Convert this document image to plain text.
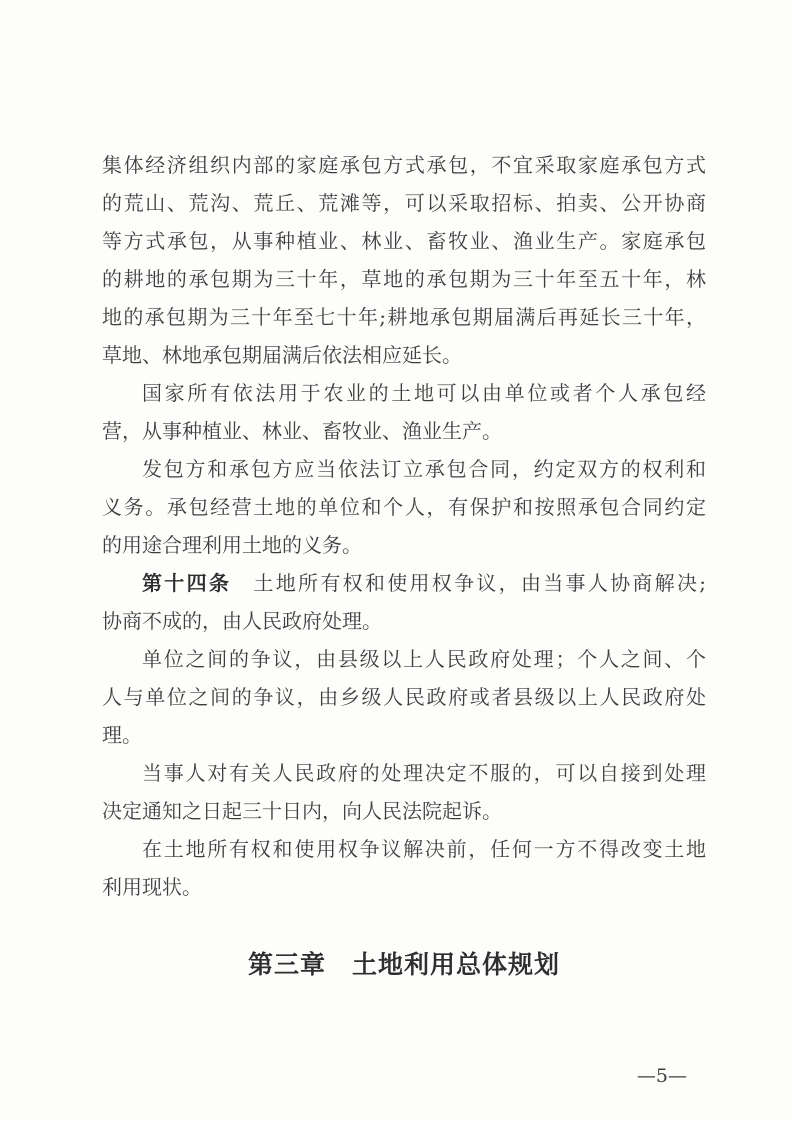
集体经济组织内部的家庭承包方式承包，不宜采取家庭承包方式
的荒山、荒沟、荒丘、荒滩等，可以采取招标、拍卖、公开协商
等方式承包，从事种植业、林业、畜牧业、渔业生产。家庭承包
的耕地的承包期为三十年，草地的承包期为三十年至五十年，林
地的承包期为三十年至七十年;耕地承包期届满后再延长三十年，
草地、林地承包期届满后依法相应延长。
国家所有依法用于农业的土地可以由单位或者个人承包经
营，从事种植业、林业、畜牧业、渔业生产。
发包方和承包方应当依法订立承包合同，约定双方的权利和
义务。承包经营土地的单位和个人，有保护和按照承包合同约定
的用途合理利用土地的义务。
第十四条　土地所有权和使用权争议，由当事人协商解决;
协商不成的，由人民政府处理。
单位之间的争议，由县级以上人民政府处理；个人之间、个
人与单位之间的争议，由乡级人民政府或者县级以上人民政府处
理。
当事人对有关人民政府的处理决定不服的，可以自接到处理
决定通知之日起三十日内，向人民法院起诉。
在土地所有权和使用权争议解决前，任何一方不得改变土地
利用现状。
第三章　土地利用总体规划
—5—
